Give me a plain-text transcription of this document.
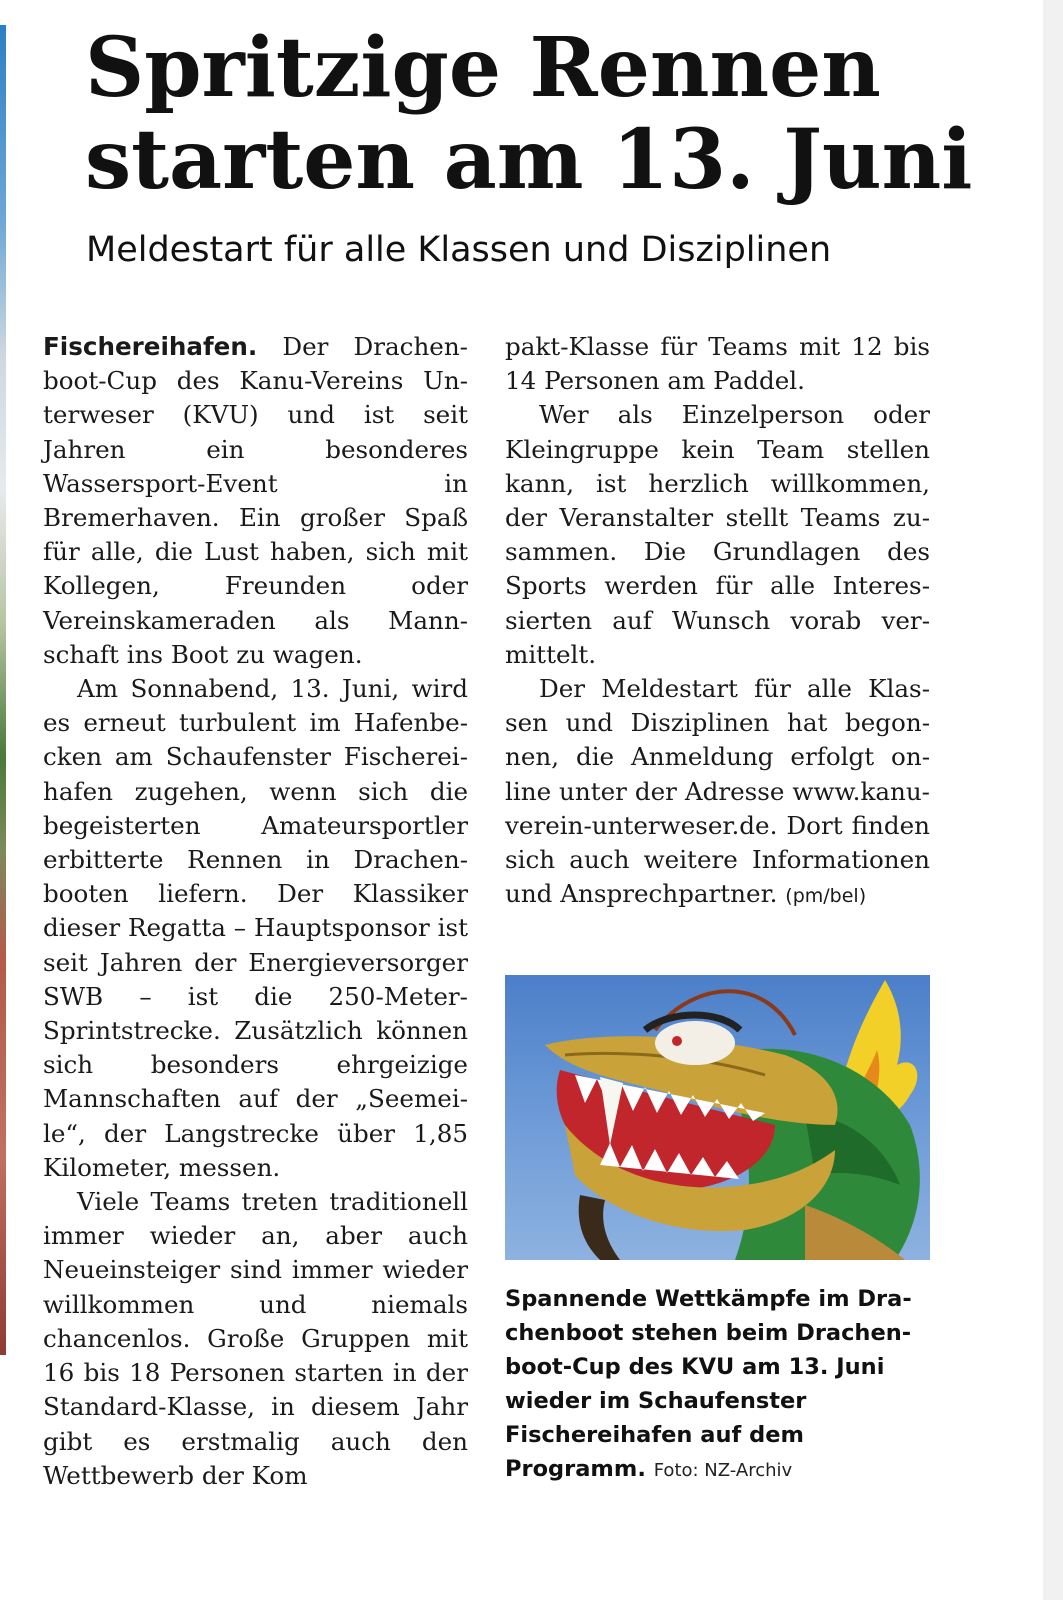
Spritzige Rennen
starten am 13. Juni
Meldestart für alle Klassen und Disziplinen

Fischereihafen. Der Drachenboot-Cup des Kanu-Vereins Unterweser (KVU) und ist seit Jahren ein besonderes Wassersport-Event in Bremerhaven. Ein großer Spaß für alle, die Lust haben, sich mit Kollegen, Freunden oder Vereinskameraden als Mannschaft ins Boot zu wagen.

Am Sonnabend, 13. Juni, wird es erneut turbulent im Hafenbecken am Schaufenster Fischereihafen zugehen, wenn sich die begeisterten Amateursportler erbitterte Rennen in Drachenbooten liefern. Der Klassiker dieser Regatta – Hauptsponsor ist seit Jahren der Energieversorger SWB – ist die 250-Meter-Sprintstrecke. Zusätzlich können sich besonders ehrgeizige Mannschaften auf der „Seemeile“, der Langstrecke über 1,85 Kilometer, messen.

Viele Teams treten traditionell immer wieder an, aber auch Neueinsteiger sind immer wieder willkommen und niemals chancenlos. Große Gruppen mit 16 bis 18 Personen starten in der Standard-Klasse, in diesem Jahr gibt es erstmalig auch den Wettbewerb der Kom

pakt-Klasse für Teams mit 12 bis 14 Personen am Paddel.

Wer als Einzelperson oder Kleingruppe kein Team stellen kann, ist herzlich willkommen, der Veranstalter stellt Teams zusammen. Die Grundlagen des Sports werden für alle Interessierten auf Wunsch vorab vermittelt.

Der Meldestart für alle Klassen und Disziplinen hat begonnen, die Anmeldung erfolgt online unter der Adresse www.kanu-verein-unterweser.de. Dort finden sich auch weitere Informationen und Ansprechpartner. (pm/bel)

Spannende Wettkämpfe im Drachenboot stehen beim Drachenboot-Cup des KVU am 13. Juni wieder im Schaufenster Fischereihafen auf dem Programm. Foto: NZ-Archiv
